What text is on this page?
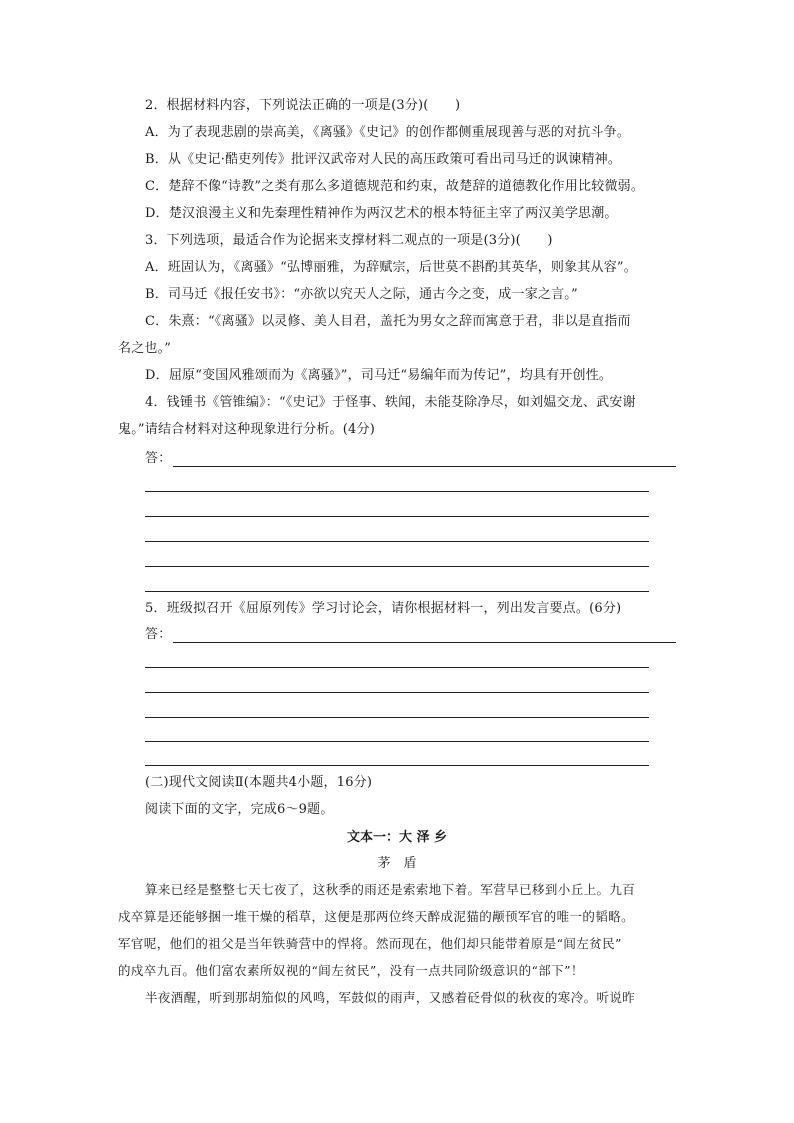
2．根据材料内容，下列说法正确的一项是(3分)(　　)
A．为了表现悲剧的崇高美，《离骚》《史记》的创作都侧重展现善与恶的对抗斗争。
B．从《史记·酷吏列传》批评汉武帝对人民的高压政策可看出司马迁的讽谏精神。
C．楚辞不像“诗教”之类有那么多道德规范和约束，故楚辞的道德教化作用比较微弱。
D．楚汉浪漫主义和先秦理性精神作为两汉艺术的根本特征主宰了两汉美学思潮。
3．下列选项，最适合作为论据来支撑材料二观点的一项是(3分)(　　)
A．班固认为，《离骚》“弘博丽雅，为辞赋宗，后世莫不斟酌其英华，则象其从容”。
B．司马迁《报任安书》：“亦欲以究天人之际，通古今之变，成一家之言。”
C．朱熹：“《离骚》以灵修、美人目君，盖托为男女之辞而寓意于君，非以是直指而
名之也。”
D．屈原“变国风雅颂而为《离骚》”，司马迁“易编年而为传记”，均具有开创性。
4．钱锺书《管锥编》：“《史记》于怪事、轶闻，未能芟除净尽，如刘媪交龙、武安谢
鬼。”请结合材料对这种现象进行分析。(4分)
答：
5．班级拟召开《屈原列传》学习讨论会，请你根据材料一，列出发言要点。(6分)
答：
(二)现代文阅读Ⅱ(本题共4小题，16分)
阅读下面的文字，完成6～9题。
文本一：大 泽 乡
茅　盾
算来已经是整整七天七夜了，这秋季的雨还是索索地下着。军营早已移到小丘上。九百
戍卒算是还能够捆一堆干燥的稻草，这便是那两位终天醉成泥猫的颟顸军官的唯一的韬略。
军官呢，他们的祖父是当年铁骑营中的悍将。然而现在，他们却只能带着原是“闾左贫民”
的戍卒九百。他们富农素所奴视的“闾左贫民”，没有一点共同阶级意识的“部下”！
半夜酒醒，听到那胡笳似的风鸣，军鼓似的雨声，又感着砭骨似的秋夜的寒冷。听说昨
